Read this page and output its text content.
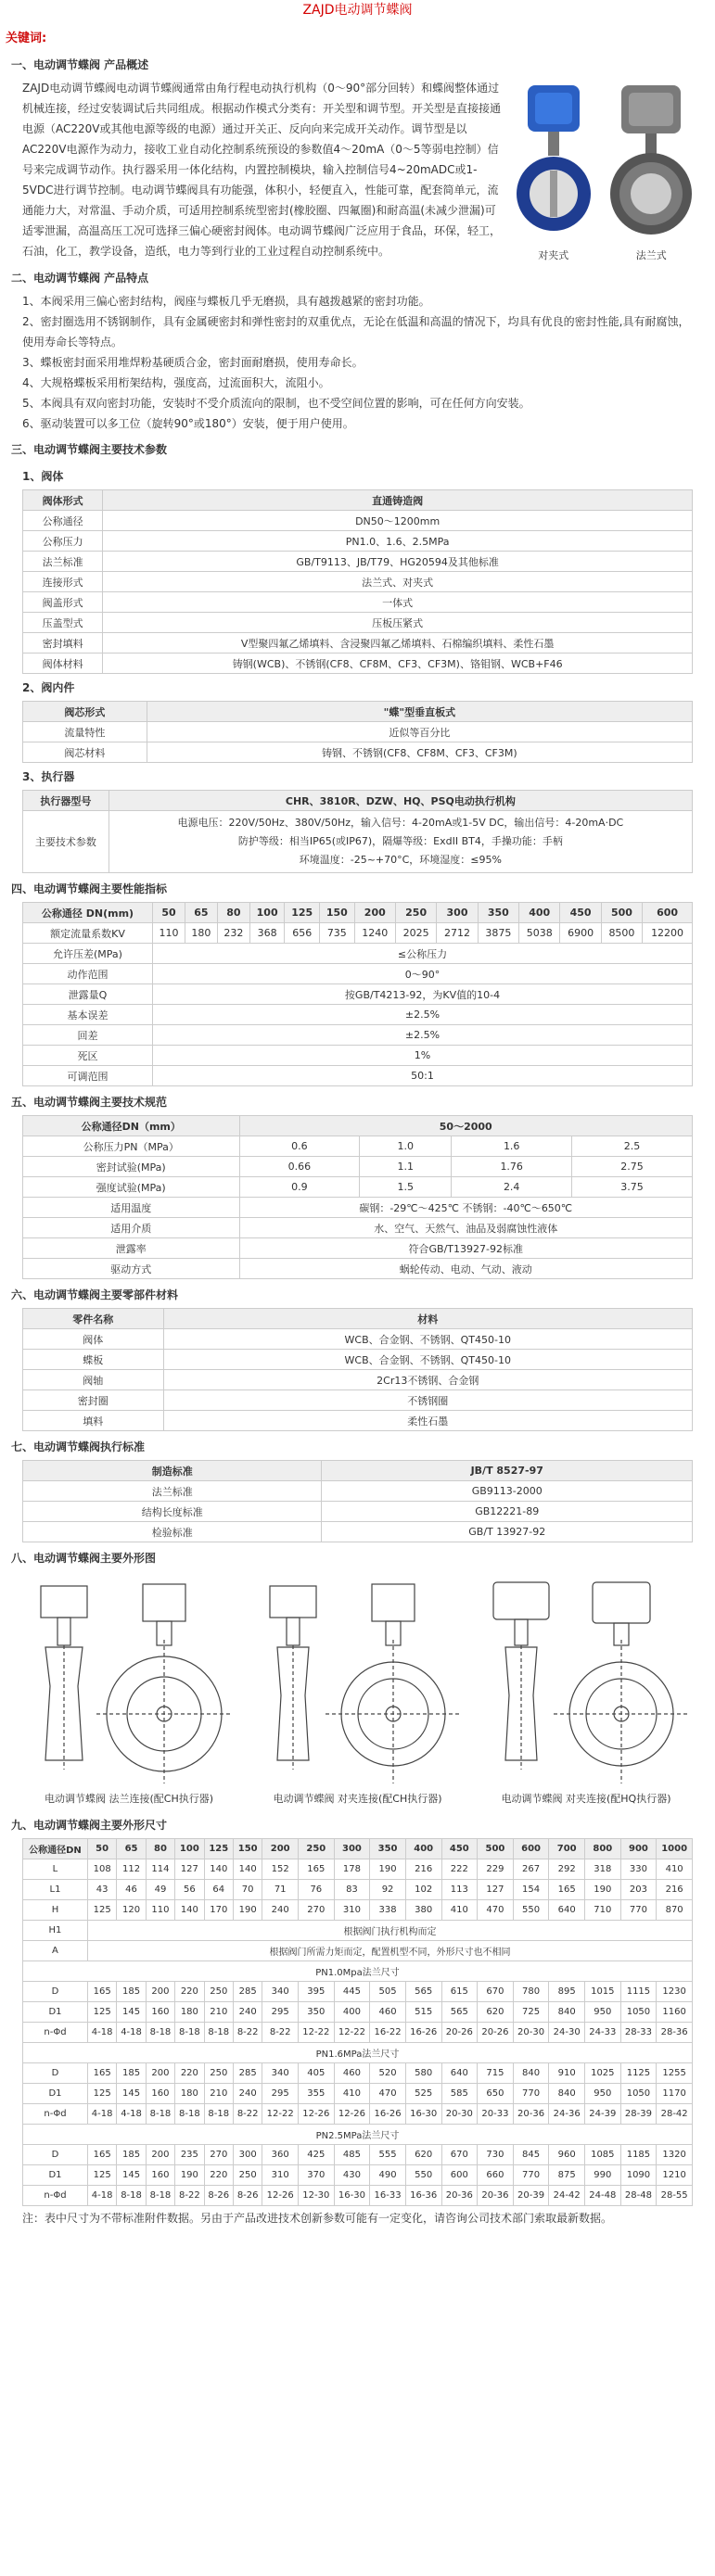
ZAJD电动调节蝶阀
关键词:
一、电动调节蝶阀 产品概述
ZAJD电动调节蝶阀电动调节蝶阀通常由角行程电动执行机构（0～90°部分回转）和蝶阀整体通过机械连接，经过安装调试后共同组成。根据动作模式分类有：开关型和调节型。开关型是直接接通电源（AC220V或其他电源等级的电源）通过开关正、反向向来完成开关动作。调节型是以AC220V电源作为动力，接收工业自动化控制系统预设的参数值4～20mA（0～5等弱电控制）信号来完成调节动作。执行器采用一体化结构，内置控制模块，输入控制信号4~20mADC或1-5VDC进行调节控制。电动调节蝶阀具有功能强，体积小，轻便直入，性能可靠，配套简单元，流通能力大，对常温、手动介质，可适用控制系统型密封(橡胶圈、四氟圈)和耐高温(未减少泄漏)可适零泄漏，高温高压工况可选择三偏心硬密封阀体。电动调节蝶阀广泛应用于食品，环保，轻工，石油，化工，教学设备，造纸，电力等到行业的工业过程自动控制系统中。	对夹式	法兰式
二、电动调节蝶阀 产品特点
1、本阀采用三偏心密封结构，阀座与蝶板几乎无磨损，具有越拨越紧的密封功能。
2、密封圈选用不锈钢制作，具有金属硬密封和弹性密封的双重优点，无论在低温和高温的情况下，均具有优良的密封性能,具有耐腐蚀，使用寿命长等特点。
3、蝶板密封面采用堆焊粉基硬质合金，密封面耐磨损，使用寿命长。
4、大规格蝶板采用桁架结构，强度高，过流面积大，流阻小。
5、本阀具有双向密封功能，安装时不受介质流向的限制，也不受空间位置的影响，可在任何方向安装。
6、驱动装置可以多工位（旋转90°或180°）安装，便于用户使用。
三、电动调节蝶阀主要技术参数
1、阀体
阀体形式	直通铸造阀
公称通径	DN50～1200mm
公称压力	PN1.0、1.6、2.5MPa
法兰标准	GB/T9113、JB/T79、HG20594及其他标准
连接形式	法兰式、对夹式
阀盖形式	一体式
压盖型式	压板压紧式
密封填料	V型聚四氟乙烯填料、含浸聚四氟乙烯填料、石棉编织填料、柔性石墨
阀体材料	铸钢(WCB)、不锈钢(CF8、CF8M、CF3、CF3M)、铬钼钢、WCB+F46
2、阀内件
阀芯形式	"蝶"型垂直板式
流量特性	近似等百分比
阀芯材料	铸钢、不锈钢(CF8、CF8M、CF3、CF3M)
3、执行器
执行器型号	CHR、3810R、DZW、HQ、PSQ电动执行机构
主要技术参数	电源电压：220V/50Hz、380V/50Hz，输入信号：4-20mA或1-5V DC，输出信号：4-20mA·DC
防护等级：相当IP65(或IP67)，隔爆等级：ExdII BT4，手操功能：手柄
环境温度：-25~+70°C，环境湿度：≤95%
四、电动调节蝶阀主要性能指标
公称通径 DN(mm)	50	65	80	100	125	150	200	250	300	350	400	450	500	600
额定流量系数KV	110	180	232	368	656	735	1240	2025	2712	3875	5038	6900	8500	12200
允许压差(MPa)	≤公称压力													
动作范围	0～90°													
泄露量Q	按GB/T4213-92，为KV值的10-4													
基本误差	±2.5%													
回差	±2.5%													
死区	1%													
可调范围	50:1													
五、电动调节蝶阀主要技术规范
公称通径DN（mm）	50～2000			
公称压力PN（MPa）	0.6	1.0	1.6	2.5
密封试验(MPa)	0.66	1.1	1.76	2.75
强度试验(MPa)	0.9	1.5	2.4	3.75
适用温度	碳钢：-29℃～425℃ 不锈钢：-40℃～650℃			
适用介质	水、空气、天然气、油品及弱腐蚀性液体			
泄露率	符合GB/T13927-92标准			
驱动方式	蜗轮传动、电动、气动、液动			
六、电动调节蝶阀主要零部件材料
零件名称	材料
阀体	WCB、合金钢、不锈钢、QT450-10
蝶板	WCB、合金钢、不锈钢、QT450-10
阀轴	2Cr13不锈钢、合金钢
密封圈	不锈钢圈
填料	柔性石墨
七、电动调节蝶阀执行标准
制造标准	JB/T 8527-97
法兰标准	GB9113-2000
结构长度标准	GB12221-89
检验标准	GB/T 13927-92
八、电动调节蝶阀主要外形图
电动调节蝶阀 法兰连接(配CH执行器)	电动调节蝶阀 对夹连接(配CH执行器)	电动调节蝶阀 对夹连接(配HQ执行器)
九、电动调节蝶阀主要外形尺寸
公称通径DN	50	65	80	100	125	150	200	250	300	350	400	450	500	600	700	800	900	1000
L	108	112	114	127	140	140	152	165	178	190	216	222	229	267	292	318	330	410
L1	43	46	49	56	64	70	71	76	83	92	102	113	127	154	165	190	203	216
H	125	120	110	140	170	190	240	270	310	338	380	410	470	550	640	710	770	870
H1	根据阀门执行机构而定																	
A	根据阀门所需力矩而定，配置机型不同，外形尺寸也不相同																	
PN1.0Mpa法兰尺寸																		
D	165	185	200	220	250	285	340	395	445	505	565	615	670	780	895	1015	1115	1230
D1	125	145	160	180	210	240	295	350	400	460	515	565	620	725	840	950	1050	1160
n-Φd	4-18	4-18	8-18	8-18	8-18	8-22	8-22	12-22	12-22	16-22	16-26	20-26	20-26	20-30	24-30	24-33	28-33	28-36
PN1.6MPa法兰尺寸																		
D	165	185	200	220	250	285	340	405	460	520	580	640	715	840	910	1025	1125	1255
D1	125	145	160	180	210	240	295	355	410	470	525	585	650	770	840	950	1050	1170
n-Φd	4-18	4-18	8-18	8-18	8-18	8-22	12-22	12-26	12-26	16-26	16-30	20-30	20-33	20-36	24-36	24-39	28-39	28-42
PN2.5MPa法兰尺寸																		
D	165	185	200	235	270	300	360	425	485	555	620	670	730	845	960	1085	1185	1320
D1	125	145	160	190	220	250	310	370	430	490	550	600	660	770	875	990	1090	1210
n-Φd	4-18	8-18	8-18	8-22	8-26	8-26	12-26	12-30	16-30	16-33	16-36	20-36	20-36	20-39	24-42	24-48	28-48	28-55
注：表中尺寸为不带标准附件数据。另由于产品改进技术创新参数可能有一定变化，请咨询公司技术部门索取最新数据。
